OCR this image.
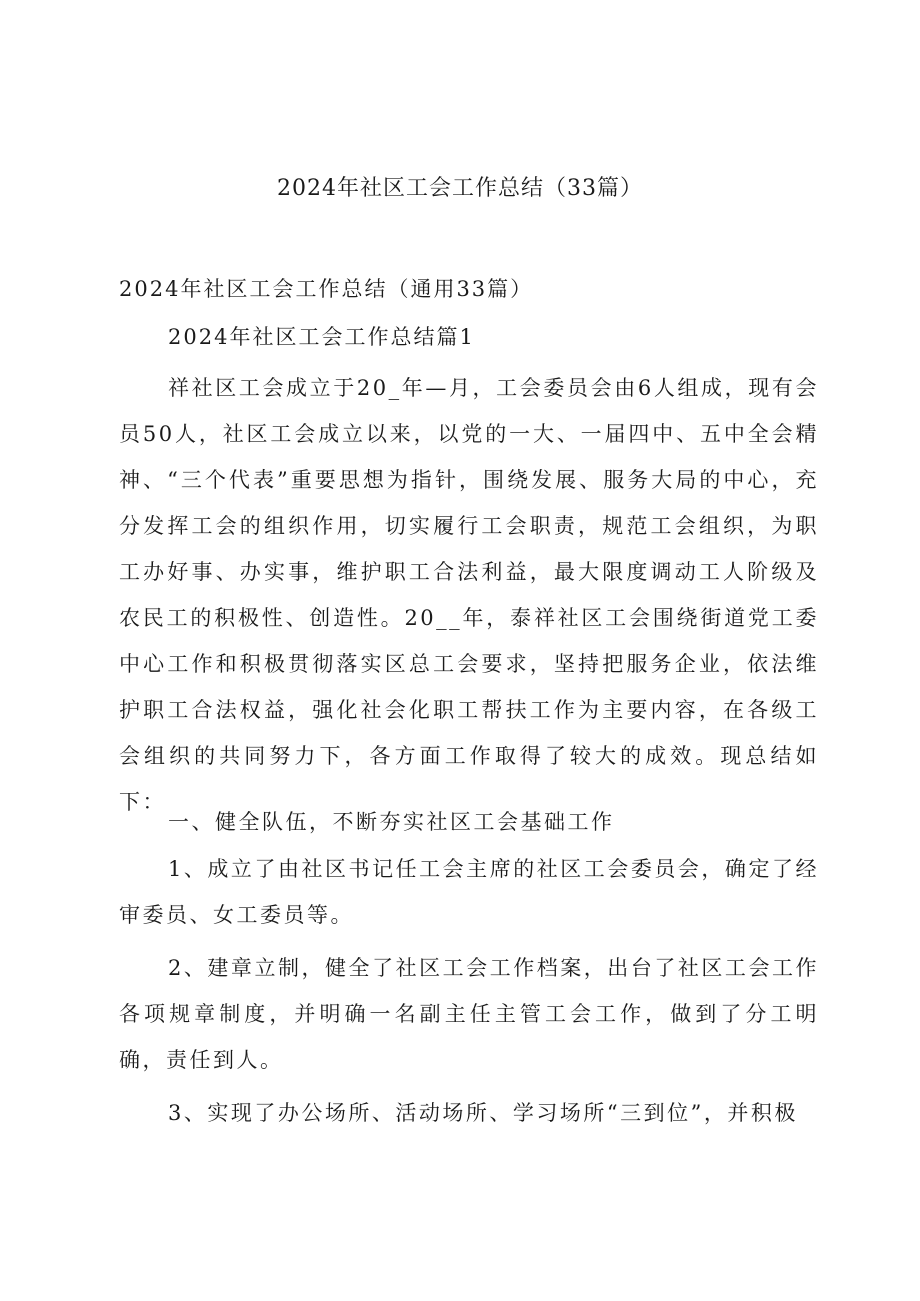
2024年社区工会工作总结（33篇）
2024年社区工会工作总结（通用33篇）
2024年社区工会工作总结篇1

祥社区工会成立于20_年—月，工会委员会由6人组成，现有会员50人，社区工会成立以来，以党的一大、一届四中、五中全会精神、“三个代表”重要思想为指针，围绕发展、服务大局的中心，充分发挥工会的组织作用，切实履行工会职责，规范工会组织，为职工办好事、办实事，维护职工合法利益，最大限度调动工人阶级及农民工的积极性、创造性。20__年，泰祥社区工会围绕街道党工委中心工作和积极贯彻落实区总工会要求，坚持把服务企业，依法维护职工合法权益，强化社会化职工帮扶工作为主要内容，在各级工会组织的共同努力下，各方面工作取得了较大的成效。现总结如下：

一、健全队伍，不断夯实社区工会基础工作

1、成立了由社区书记任工会主席的社区工会委员会，确定了经审委员、女工委员等。

2、建章立制，健全了社区工会工作档案，出台了社区工会工作各项规章制度，并明确一名副主任主管工会工作，做到了分工明确，责任到人。

3、实现了办公场所、活动场所、学习场所“三到位”，并积极
